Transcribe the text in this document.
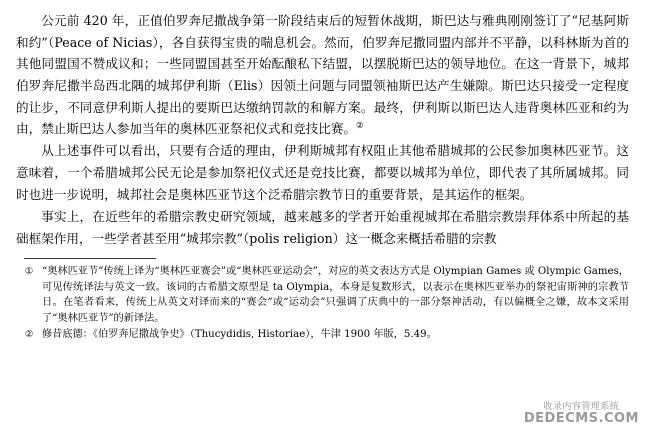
公元前 420 年，正值伯罗奔尼撒战争第一阶段结束后的短暂休战期，斯巴达与雅典刚刚签订了“尼基阿斯和约”（Peace of Nicias），各自获得宝贵的喘息机会。然而，伯罗奔尼撒同盟内部并不平静，以科林斯为首的其他同盟国不赞成议和；一些同盟国甚至开始酝酿私下结盟，以摆脱斯巴达的领导地位。在这一背景下，城邦伯罗奔尼撒半岛西北隅的城邦伊利斯（Elis）因领土问题与同盟领袖斯巴达产生嫌隙。斯巴达只接受一定程度的让步，不同意伊利斯人提出的要斯巴达缴纳罚款的和解方案。最终，伊利斯以斯巴达人违背奥林匹亚和约为由，禁止斯巴达人参加当年的奥林匹亚祭祀仪式和竞技比赛。②

从上述事件可以看出，只要有合适的理由，伊利斯城邦有权阻止其他希腊城邦的公民参加奥林匹亚节。这意味着，一个希腊城邦公民无论是参加祭祀仪式还是竞技比赛，都要以城邦为单位，即代表了其所属城邦。同时也进一步说明，城邦社会是奥林匹亚节这个泛希腊宗教节日的重要背景，是其运作的框架。

事实上，在近些年的希腊宗教史研究领域，越来越多的学者开始重视城邦在希腊宗教崇拜体系中所起的基础框架作用，一些学者甚至用“城邦宗教”（polis religion）这一概念来概括希腊的宗教

① “奥林匹亚节”传统上译为“奥林匹亚赛会”或“奥林匹亚运动会”，对应的英文表达方式是 Olympian Games 或 Olympic Games，可见传统译法与英文一致。该词的古希腊文原型是 ta Olympia，本身是复数形式，以表示在奥林匹亚举办的祭祀宙斯神的宗教节日。在笔者看来，传统上从英文对译而来的“赛会”或“运动会”只强调了庆典中的一部分祭神活动，有以偏概全之嫌，故本文采用了“奥林匹亚节”的新译法。
② 修昔底德：《伯罗奔尼撒战争史》（Thucydidis, Historiae），牛津 1900 年版，5.49。
收录内容管理系统
DEDECMS.COM
